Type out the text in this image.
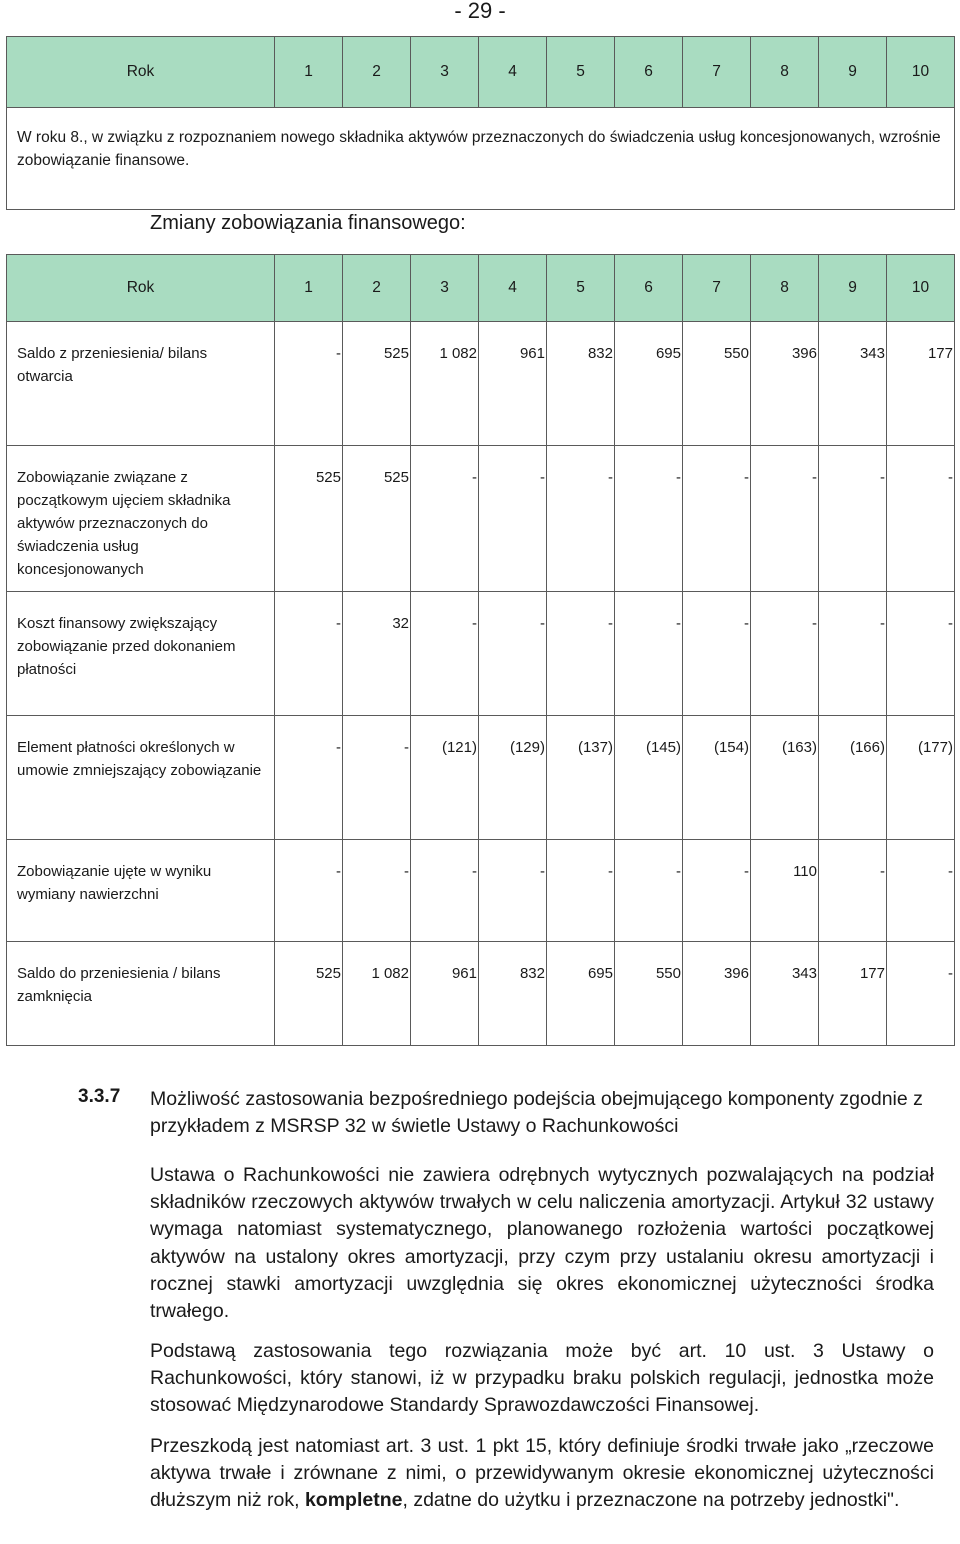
- 29 -
Rok	1	2	3	4	5	6	7	8	9	10
W roku 8., w związku z rozpoznaniem nowego składnika aktywów przeznaczonych do świadczenia usług koncesjonowanych, wzrośnie zobowiązanie finansowe.
Zmiany zobowiązania finansowego:
Rok	1	2	3	4	5	6	7	8	9	10
Saldo z przeniesienia/ bilans otwarcia	-	525	1 082	961	832	695	550	396	343	177
Zobowiązanie związane z początkowym ujęciem składnika aktywów przeznaczonych do świadczenia usług koncesjonowanych	525	525	-	-	-	-	-	-	-	-
Koszt finansowy zwiększający zobowiązanie przed dokonaniem płatności	-	32	-	-	-	-	-	-	-	-
Element płatności określonych w umowie zmniejszający zobowiązanie	-	-	(121)	(129)	(137)	(145)	(154)	(163)	(166)	(177)
Zobowiązanie ujęte w wyniku wymiany nawierzchni	-	-	-	-	-	-	-	110	-	-
Saldo do przeniesienia / bilans zamknięcia	525	1 082	961	832	695	550	396	343	177	-
3.3.7 Możliwość zastosowania bezpośredniego podejścia obejmującego komponenty zgodnie z przykładem z MSRSP 32 w świetle Ustawy o Rachunkowości
Ustawa o Rachunkowości nie zawiera odrębnych wytycznych pozwalających na podział składników rzeczowych aktywów trwałych w celu naliczenia amortyzacji. Artykuł 32 ustawy wymaga natomiast systematycznego, planowanego rozłożenia wartości początkowej aktywów na ustalony okres amortyzacji, przy czym przy ustalaniu okresu amortyzacji i rocznej stawki amortyzacji uwzględnia się okres ekonomicznej użyteczności środka trwałego.
Podstawą zastosowania tego rozwiązania może być art. 10 ust. 3 Ustawy o Rachunkowości, który stanowi, iż w przypadku braku polskich regulacji, jednostka może stosować Międzynarodowe Standardy Sprawozdawczości Finansowej.
Przeszkodą jest natomiast art. 3 ust. 1 pkt 15, który definiuje środki trwałe jako „rzeczowe aktywa trwałe i zrównane z nimi, o przewidywanym okresie ekonomicznej użyteczności dłuższym niż rok, kompletne, zdatne do użytku i przeznaczone na potrzeby jednostki".
